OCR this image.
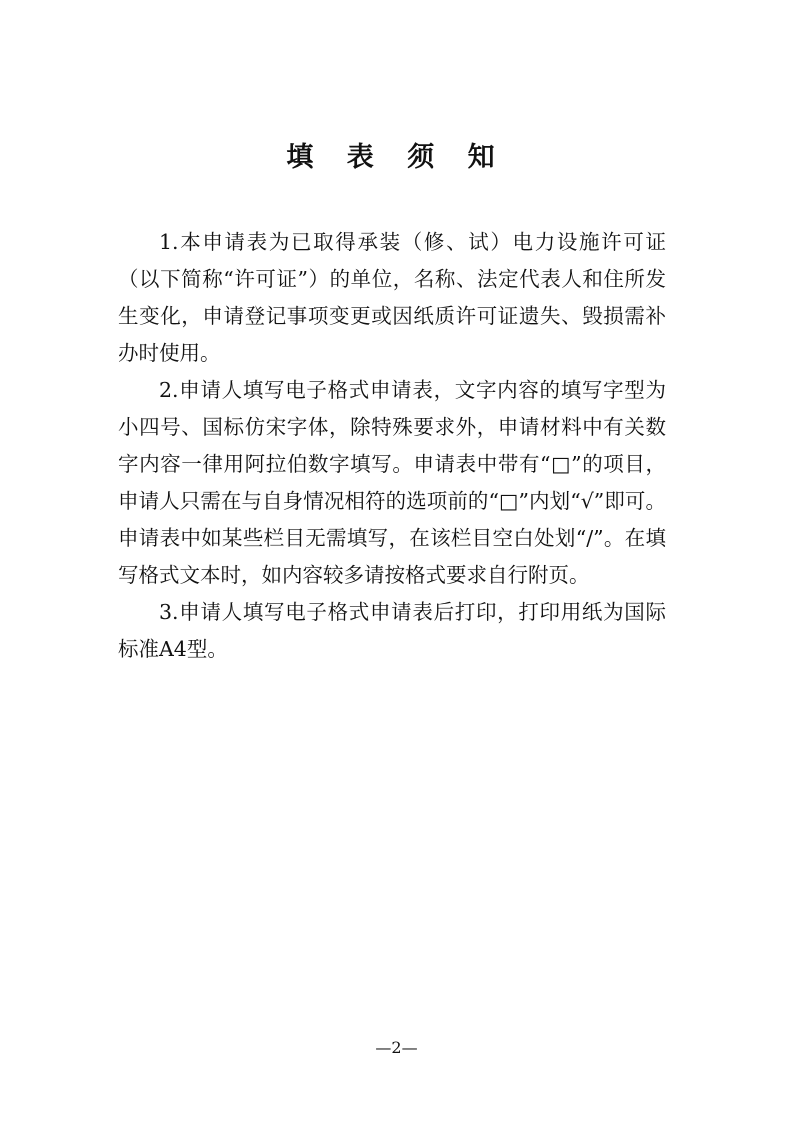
填 表 须 知

1.本申请表为已取得承装（修、试）电力设施许可证（以下简称“许可证”）的单位，名称、法定代表人和住所发生变化，申请登记事项变更或因纸质许可证遗失、毁损需补办时使用。

2.申请人填写电子格式申请表，文字内容的填写字型为小四号、国标仿宋字体，除特殊要求外，申请材料中有关数字内容一律用阿拉伯数字填写。申请表中带有“□”的项目，申请人只需在与自身情况相符的选项前的“□”内划“√”即可。申请表中如某些栏目无需填写，在该栏目空白处划“/”。在填写格式文本时，如内容较多请按格式要求自行附页。

3.申请人填写电子格式申请表后打印，打印用纸为国际标准A4型。

—2—
